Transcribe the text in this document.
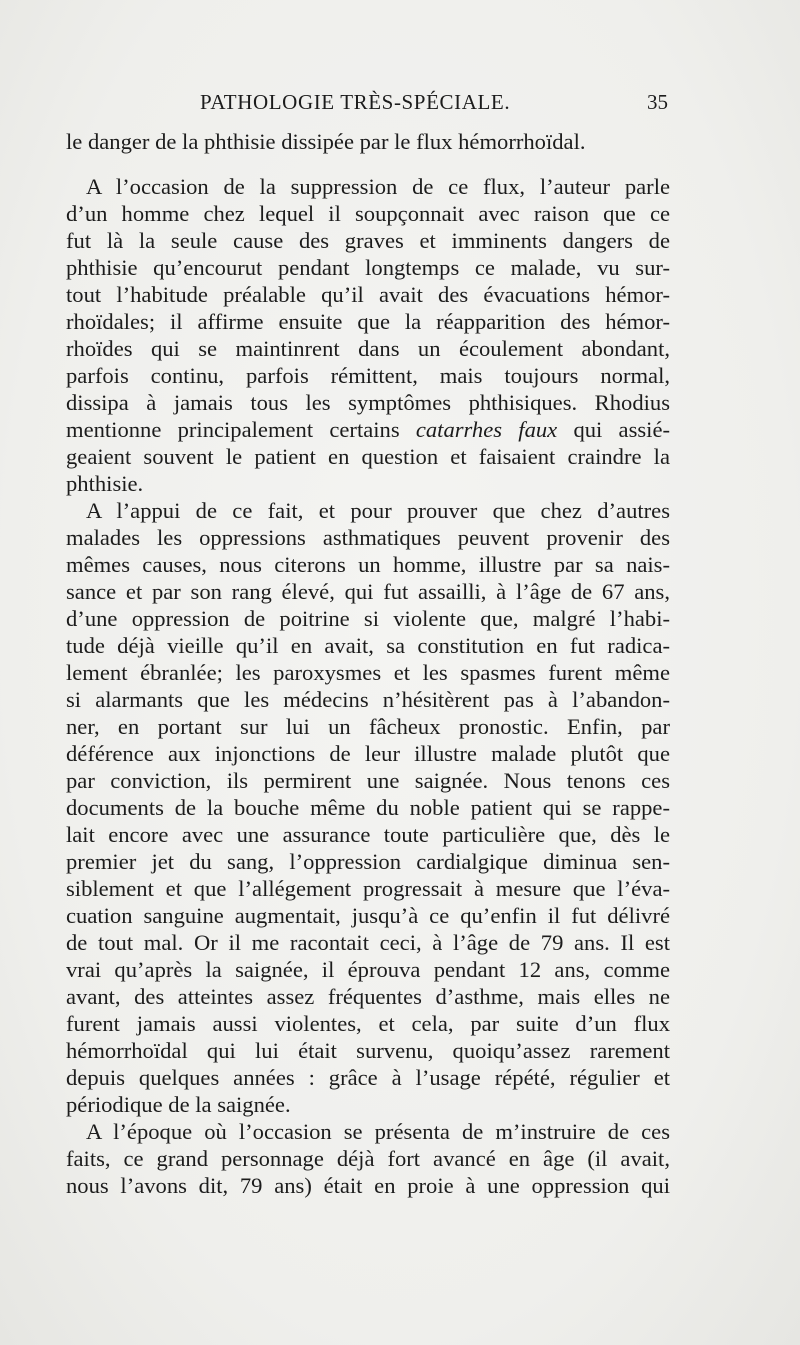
PATHOLOGIE TRÈS-SPÉCIALE.	35
le danger de la phthisie dissipée par le flux hémorrhoïdal.
A l’occasion de la suppression de ce flux, l’auteur parle
d’un homme chez lequel il soupçonnait avec raison que ce
fut là la seule cause des graves et imminents dangers de
phthisie qu’encourut pendant longtemps ce malade, vu sur-
tout l’habitude préalable qu’il avait des évacuations hémor-
rhoïdales; il affirme ensuite que la réapparition des hémor-
rhoïdes qui se maintinrent dans un écoulement abondant,
parfois continu, parfois rémittent, mais toujours normal,
dissipa à jamais tous les symptômes phthisiques. Rhodius
mentionne principalement certains catarrhes faux qui assié-
geaient souvent le patient en question et faisaient craindre la
phthisie.
A l’appui de ce fait, et pour prouver que chez d’autres
malades les oppressions asthmatiques peuvent provenir des
mêmes causes, nous citerons un homme, illustre par sa nais-
sance et par son rang élevé, qui fut assailli, à l’âge de 67 ans,
d’une oppression de poitrine si violente que, malgré l’habi-
tude déjà vieille qu’il en avait, sa constitution en fut radica-
lement ébranlée; les paroxysmes et les spasmes furent même
si alarmants que les médecins n’hésitèrent pas à l’abandon-
ner, en portant sur lui un fâcheux pronostic. Enfin, par
déférence aux injonctions de leur illustre malade plutôt que
par conviction, ils permirent une saignée. Nous tenons ces
documents de la bouche même du noble patient qui se rappe-
lait encore avec une assurance toute particulière que, dès le
premier jet du sang, l’oppression cardialgique diminua sen-
siblement et que l’allégement progressait à mesure que l’éva-
cuation sanguine augmentait, jusqu’à ce qu’enfin il fut délivré
de tout mal. Or il me racontait ceci, à l’âge de 79 ans. Il est
vrai qu’après la saignée, il éprouva pendant 12 ans, comme
avant, des atteintes assez fréquentes d’asthme, mais elles ne
furent jamais aussi violentes, et cela, par suite d’un flux
hémorrhoïdal qui lui était survenu, quoiqu’assez rarement
depuis quelques années : grâce à l’usage répété, régulier et
périodique de la saignée.
A l’époque où l’occasion se présenta de m’instruire de ces
faits, ce grand personnage déjà fort avancé en âge (il avait,
nous l’avons dit, 79 ans) était en proie à une oppression qui
